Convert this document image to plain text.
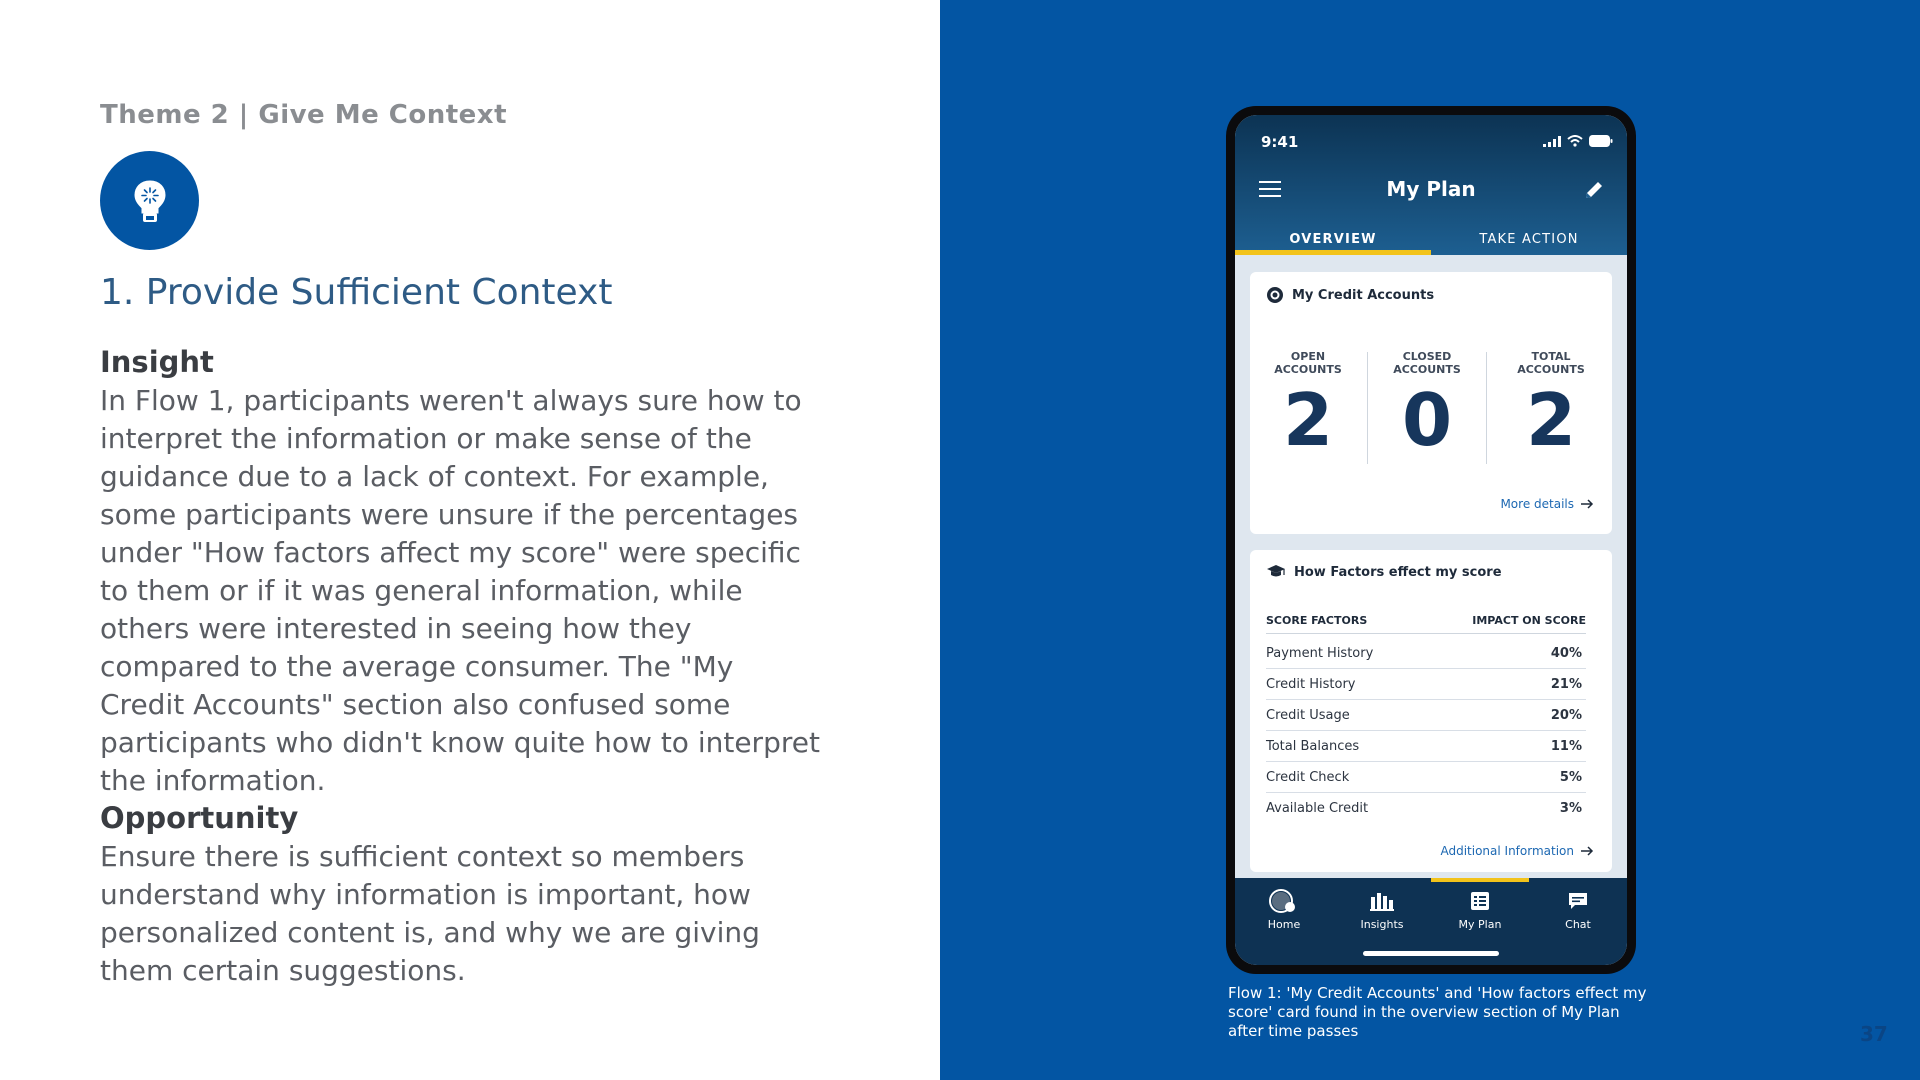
Theme 2 | Give Me Context
1. Provide Sufficient Context
Insight
In Flow 1, participants weren't always sure how to interpret the information or make sense of the guidance due to a lack of context. For example, some participants were unsure if the percentages under "How factors affect my score" were specific to them or if it was general information, while others were interested in seeing how they compared to the average consumer. The "My Credit Accounts" section also confused some participants who didn't know quite how to interpret the information.
Opportunity
Ensure there is sufficient context so members understand why information is important, how personalized content is, and why we are giving them certain suggestions.
9:41
My Plan
OVERVIEW	TAKE ACTION
My Credit Accounts
OPEN
ACCOUNTS
2
CLOSED
ACCOUNTS
0
TOTAL
ACCOUNTS
2
More details
How Factors effect my score
SCORE FACTORS	IMPACT ON SCORE
Payment History	40%
Credit History	21%
Credit Usage	20%
Total Balances	11%
Credit Check	5%
Available Credit	3%
Additional Information
Home	Insights	My Plan	Chat
Flow 1: 'My Credit Accounts' and 'How factors effect my score' card found in the overview section of My Plan after time passes	37
